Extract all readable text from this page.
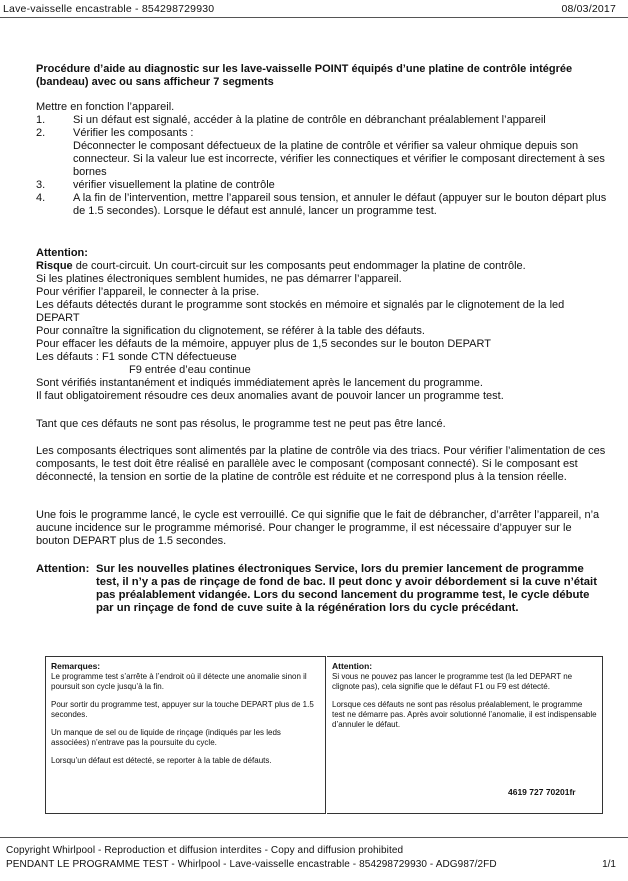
Lave-vaisselle encastrable - 854298729930	08/03/2017
Procédure d’aide au diagnostic sur les lave-vaisselle POINT équipés d’une platine de contrôle intégrée (bandeau) avec ou sans afficheur 7 segments

Mettre en fonction l’appareil.

1.	Si un défaut est signalé, accéder à la platine de contrôle en débranchant préalablement l’appareil
2.	Vérifier les composants :
Déconnecter le composant défectueux de la platine de contrôle et vérifier sa valeur ohmique depuis son connecteur. Si la valeur lue est incorrecte, vérifier les connectiques et vérifier le composant directement à ses bornes
3.	vérifier visuellement la platine de contrôle
4.	A la fin de l’intervention, mettre l’appareil sous tension, et annuler le défaut (appuyer sur le bouton départ plus de 1.5 secondes). Lorsque le défaut est annulé, lancer un programme test.

Attention:

Risque de court-circuit. Un court-circuit sur les composants peut endommager la platine de contrôle.

Si les platines électroniques semblent humides, ne pas démarrer l’appareil.

Pour vérifier l’appareil, le connecter à la prise.

Les défauts détectés durant le programme sont stockés en mémoire et signalés par le clignotement de la led DEPART

Pour connaître la signification du clignotement, se référer à la table des défauts.

Pour effacer les défauts de la mémoire, appuyer plus de 1,5 secondes sur le bouton DEPART

Les défauts : F1 sonde CTN défectueuse

F9 entrée d’eau continue

Sont vérifiés instantanément et indiqués immédiatement après le lancement du programme.

Il faut obligatoirement résoudre ces deux anomalies avant de pouvoir lancer un programme test.

Tant que ces défauts ne sont pas résolus, le programme test ne peut pas être lancé.
Les composants électriques sont alimentés par la platine de contrôle via des triacs. Pour vérifier l’alimentation de ces composants, le test doit être réalisé en parallèle avec le composant (composant connecté). Si le composant est déconnecté, la tension en sortie de la platine de contrôle est réduite et ne correspond plus à la tension réelle.
Une fois le programme lancé, le cycle est verrouillé. Ce qui signifie que le fait de débrancher, d’arrêter l’appareil, n’a aucune incidence sur le programme mémorisé. Pour changer le programme, il est nécessaire d’appuyer sur le bouton DEPART plus de 1.5 secondes.
Attention: Sur les nouvelles platines électroniques Service, lors du premier lancement de programme test, il n’y a pas de rinçage de fond de bac. Il peut donc y avoir débordement si la cuve n’était pas préalablement vidangée. Lors du second lancement du programme test, le cycle débute par un rinçage de fond de cuve suite à la régénération lors du cycle précédant.
Remarques:

Le programme test s’arrête à l’endroit où il détecte une anomalie sinon il poursuit son cycle jusqu’à la fin.

Pour sortir du programme test, appuyer sur la touche DEPART plus de 1.5 secondes.

Un manque de sel ou de liquide de rinçage (indiqués par les leds associées) n’entrave pas la poursuite du cycle.

Lorsqu’un défaut est détecté, se reporter à la table de défauts.

Attention:

Si vous ne pouvez pas lancer le programme test (la led DEPART ne clignote pas), cela signifie que le défaut F1 ou F9 est détecté.

Lorsque ces défauts ne sont pas résolus préalablement, le programme test ne démarre pas. Après avoir solutionné l’anomalie, il est indispensable d’annuler le défaut.

4619 727 70201fr
Copyright Whirlpool - Reproduction et diffusion interdites - Copy and diffusion prohibited
PENDANT LE PROGRAMME TEST - Whirlpool - Lave-vaisselle encastrable - 854298729930 - ADG987/2FD	1/1
